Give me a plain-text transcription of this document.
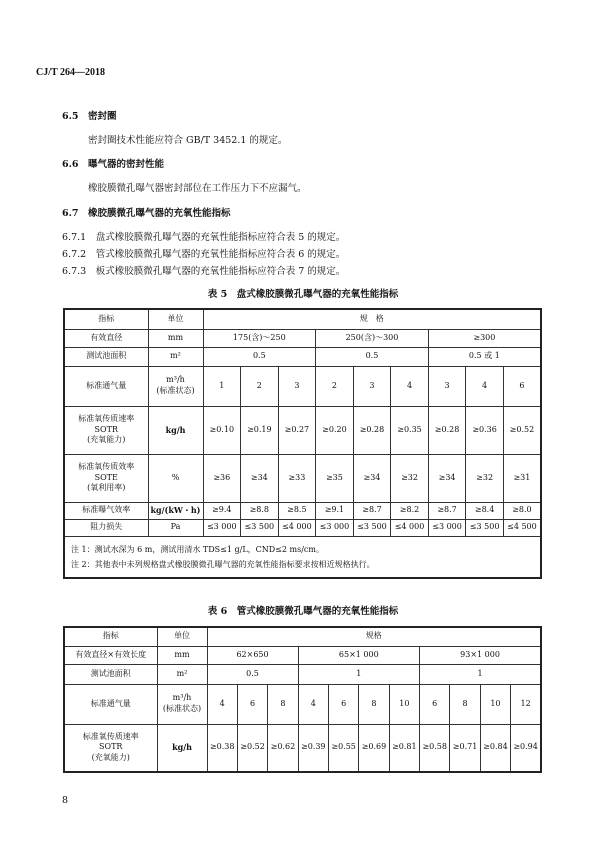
CJ/T 264—2018
6.5　 密封圈
密封圈技术性能应符合 GB/T 3452.1 的规定。
6.6　 曝气器的密封性能
橡胶膜微孔曝气器密封部位在工作压力下不应漏气。
6.7　 橡胶膜微孔曝气器的充氧性能指标
6.7.1　 盘式橡胶膜微孔曝气器的充氧性能指标应符合表 5 的规定。
6.7.2　 管式橡胶膜微孔曝气器的充氧性能指标应符合表 6 的规定。
6.7.3　 板式橡胶膜微孔曝气器的充氧性能指标应符合表 7 的规定。
表 5　盘式橡胶膜微孔曝气器的充氧性能指标
指标	单位	规　格								
有效直径	mm	175(含)～250			250(含)～300			≥300		
测试池面积	m²	0.5			0.5			0.5 或 1		
标准通气量	m³/h
(标准状态)	1	2	3	2	3	4	3	4	6
标准氧传质速率
SOTR
(充氧能力)	kg/h	≥0.10	≥0.19	≥0.27	≥0.20	≥0.28	≥0.35	≥0.28	≥0.36	≥0.52
标准氧传质效率
SOTE
(氧利用率)	%	≥36	≥34	≥33	≥35	≥34	≥32	≥34	≥32	≥31
标准曝气效率	kg/(kW・h)	≥9.4	≥8.8	≥8.5	≥9.1	≥8.7	≥8.2	≥8.7	≥8.4	≥8.0
阻力损失	Pa	≤3 000	≤3 500	≤4 000	≤3 000	≤3 500	≤4 000	≤3 000	≤3 500	≤4 500

注 1：测试水深为 6 m，测试用清水 TDS≤1 g/L，CND≤2 ms/cm。
注 2：其他表中未列规格盘式橡胶膜微孔曝气器的充氧性能指标要求按相近规格执行。										
表 6　管式橡胶膜微孔曝气器的充氧性能指标
指标	单位	规格										
有效直径×有效长度	mm	62×650			65×1 000				93×1 000			
测试池面积	m²	0.5			1				1			
标准通气量	m³/h
(标准状态)	4	6	8	4	6	8	10	6	8	10	12
标准氧传质速率
SOTR
(充氧能力)	kg/h	≥0.38	≥0.52	≥0.62	≥0.39	≥0.55	≥0.69	≥0.81	≥0.58	≥0.71	≥0.84	≥0.94
8
